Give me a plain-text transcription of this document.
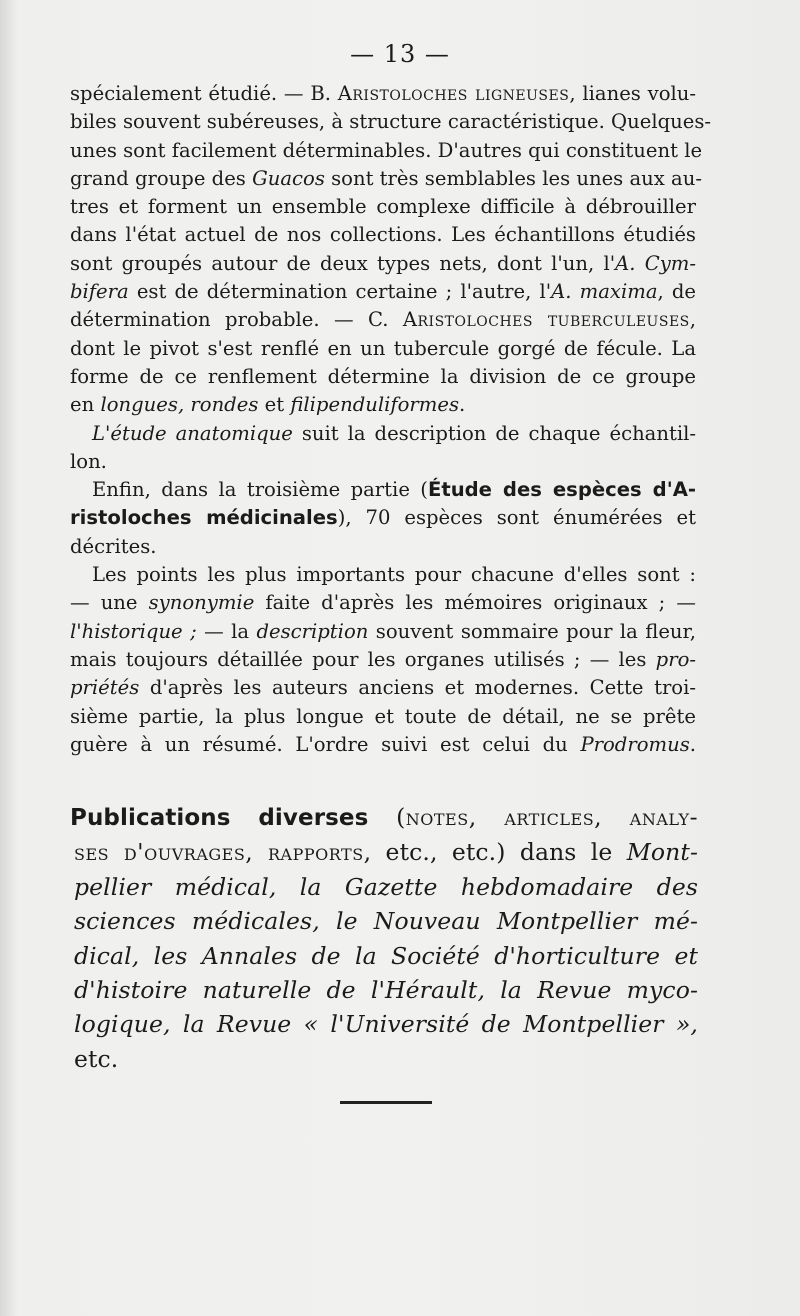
— 13 —
spécialement étudié. — B. Aristoloches ligneuses, lianes volu-
biles souvent subéreuses, à structure caractéristique. Quelques-
unes sont facilement déterminables. D'autres qui constituent le
grand groupe des Guacos sont très semblables les unes aux au-
tres et forment un ensemble complexe difficile à débrouiller
dans l'état actuel de nos collections. Les échantillons étudiés
sont groupés autour de deux types nets, dont l'un, l'A. Cym-
bifera est de détermination certaine ; l'autre, l'A. maxima, de
détermination probable. — C. Aristoloches tuberculeuses,
dont le pivot s'est renflé en un tubercule gorgé de fécule. La
forme de ce renflement détermine la division de ce groupe
en longues, rondes et filipenduliformes.
L'étude anatomique suit la description de chaque échantil-
lon.
Enfin, dans la troisième partie (Étude des espèces d'A-
ristoloches médicinales), 70 espèces sont énumérées et
décrites.
Les points les plus importants pour chacune d'elles sont :
— une synonymie faite d'après les mémoires originaux ; —
l'historique ; — la description souvent sommaire pour la fleur,
mais toujours détaillée pour les organes utilisés ; — les pro-
priétés d'après les auteurs anciens et modernes. Cette troi-
sième partie, la plus longue et toute de détail, ne se prête
guère à un résumé. L'ordre suivi est celui du Prodromus.
Publications diverses (notes, articles, analy-
ses d'ouvrages, rapports, etc., etc.) dans le Mont-
pellier médical, la Gazette hebdomadaire des
sciences médicales, le Nouveau Montpellier mé-
dical, les Annales de la Société d'horticulture et
d'histoire naturelle de l'Hérault, la Revue myco-
logique, la Revue « l'Université de Montpellier »,
etc.
